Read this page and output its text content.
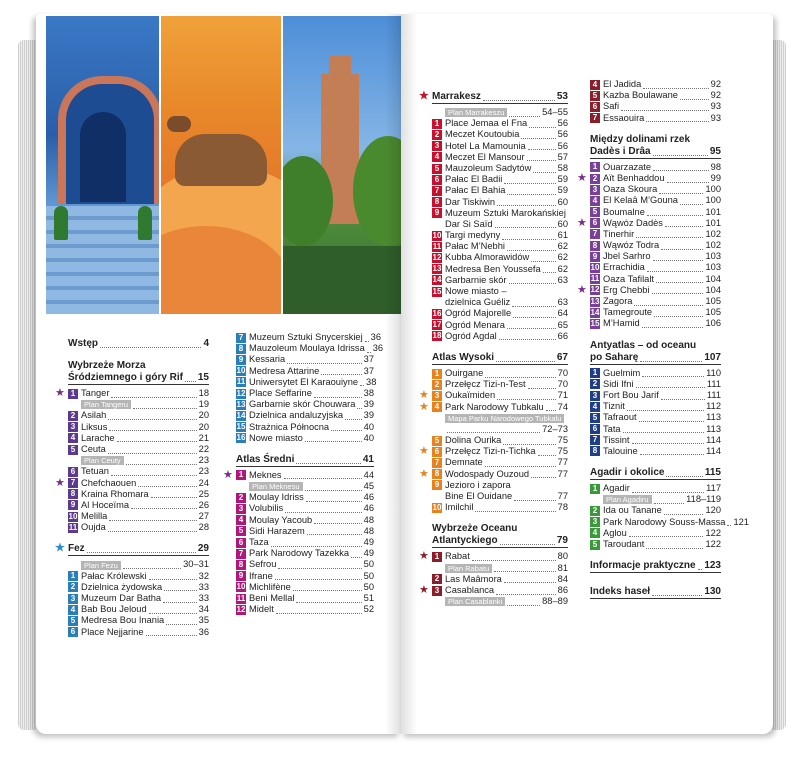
Wstęp	4
Wybrzeże Morza
Śródziemnego i góry Rif 15
★ 1 Tanger	18
Plan Tangeru	19
2 Asilah	20
3 Liksus	20
4 Larache	21
5 Ceuta	22
Plan Ceuty	23
6 Tetuan	23
★ 7 Chefchaouen	24
8 Kraina Rhomara	25
9 Al Hoceïma	26
10 Melilla	27
11 Oujda	28
★ Fez	29
Plan Fezu	30–31
1 Pałac Królewski	32
2 Dzielnica żydowska	33
3 Muzeum Dar Batha	33
4 Bab Bou Jeloud	34
5 Medresa Bou Inania	35
6 Place Nejjarine	36
7 Muzeum Sztuki Snycerskiej 36
8 Mauzoleum Moulaya Idrissa 36
9 Kessaria	37
10 Medresa Attarine	37
11 Uniwersytet El Karaouiyne 38
12 Place Seffarine	38
13 Garbarnie skór Chouwara 39
14 Dzielnica andaluzyjska 39
15 Strażnica Północna	40
16 Nowe miasto	40
Atlas Średni	41
★ 1 Meknes	44
Plan Meknesu	45
2 Moulay Idriss	46
3 Volubilis	46
4 Moulay Yacoub	48
5 Sidi Harazem	48
6 Taza	49
7 Park Narodowy Tazekka 49
8 Sefrou	50
9 Ifrane	50
10 Michlifène	50
11 Beni Mellal	51
12 Midelt	52
★ Marrakesz	53
Plan Marrakeszu	54–55
1 Place Jemaa el Fna	56
2 Meczet Koutoubia	56
3 Hotel La Mamounia	56
4 Meczet El Mansour	57
5 Mauzoleum Sadytów	58
6 Pałac El Badii	59
7 Pałac El Bahia	59
8 Dar Tiskiwin	60
9 Muzeum Sztuki Marokańskiej
Dar Si Saïd	60
10 Targi medyny	61
11 Pałac M’Nebhi	62
12 Kubba Almorawidów	62
13 Medresa Ben Youssefa 62
14 Garbarnie skór	63
15 Nowe miasto –
dzielnica Guéliz	63
16 Ogród Majorelle	64
17 Ogród Menara	65
18 Ogród Agdal	66
Atlas Wysoki	67
1 Ouirgane	70
2 Przełęcz Tizi-n-Test	70
★ 3 Oukaïmiden	71
★ 4 Park Narodowy Tubkalu 74
Mapa Parku Narodowego Tubkalu
72–73
5 Dolina Ourika	75
★ 6 Przełęcz Tizi-n-Tichka 75
7 Demnate	77
★ 8 Wodospady Ouzoud	77
9 Jezioro i zapora
Bine El Ouidane	77
10 Imilchil	78
Wybrzeże Oceanu
Atlantyckiego	79
★ 1 Rabat	80
Plan Rabatu	81
2 Las Maâmora	84
★ 3 Casablanca	86
Plan Casablanki	88–89
4 El Jadida	92
5 Kazba Boulawane	92
6 Safi	93
7 Essaouira	93
Między dolinami rzek
Dadès i Drâa	95
1 Ouarzazate	98
★ 2 Aït Benhaddou	99
3 Oaza Skoura	100
4 El Kelaâ M’Gouna	100
5 Boumalne	101
★ 6 Wąwóz Dadès	101
7 Tinerhir	102
8 Wąwóz Todra	102
9 Jbel Sarhro	103
10 Errachidia	103
11 Oaza Tafilalt	104
★ 12 Erg Chebbi	104
13 Zagora	105
14 Tamegroute	105
15 M’Hamid	106
Antyatlas – od oceanu
po Saharę	107
1 Guelmim	110
2 Sidi Ifni	111
3 Fort Bou Jarif	111
4 Tiznit	112
5 Tafraout	113
6 Tata	113
7 Tissint	114
8 Talouine	114
Agadir i okolice	115
1 Agadir	117
Plan Agadiru	118–119
2 Ida ou Tanane	120
3 Park Narodowy Souss-Massa 121
4 Aglou	122
5 Taroudant	122
Informacje praktyczne 123
Indeks haseł	130
